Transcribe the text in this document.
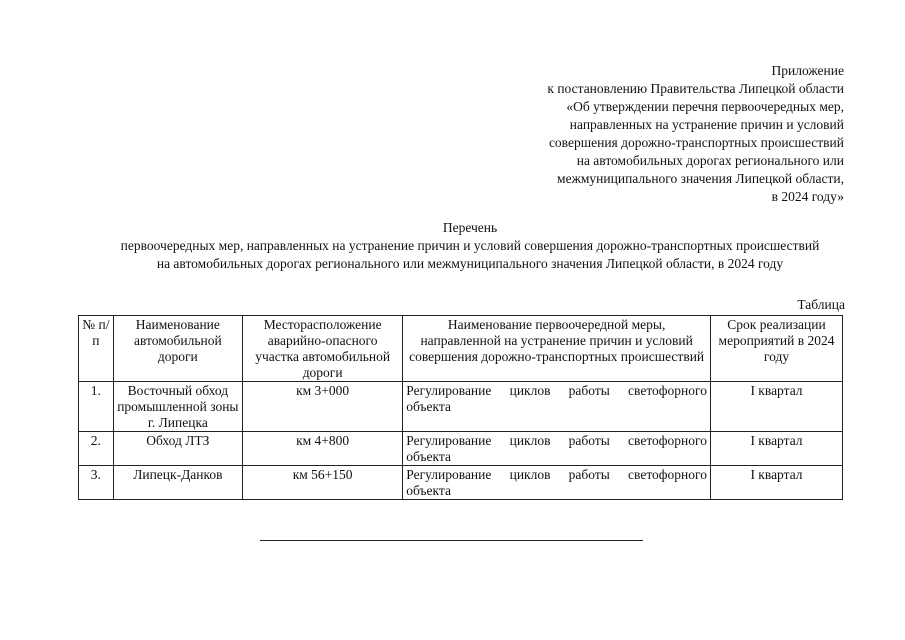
Приложение
к постановлению Правительства Липецкой области
«Об утверждении перечня первоочередных мер,
направленных на устранение причин и условий
совершения дорожно-транспортных происшествий
на автомобильных дорогах регионального или
межмуниципального значения Липецкой области,
в 2024 году»
Перечень
первоочередных мер, направленных на устранение причин и условий совершения дорожно-транспортных происшествий
на автомобильных дорогах регионального или межмуниципального значения Липецкой области, в 2024 году
Таблица
№ п/п	Наименование автомобильной дороги	Месторасположение аварийно-опасного участка автомобильной дороги	Наименование первоочередной меры, направленной на устранение причин и условий совершения дорожно-транспортных происшествий	Срок реализации мероприятий в 2024 году
1.	Восточный обход промышленной зоны г. Липецка	км 3+000	Регулирование циклов работы светофорного объекта	I квартал
2.	Обход ЛТЗ	км 4+800	Регулирование циклов работы светофорного объекта	I квартал
3.	Липецк-Данков	км 56+150	Регулирование циклов работы светофорного объекта	I квартал
